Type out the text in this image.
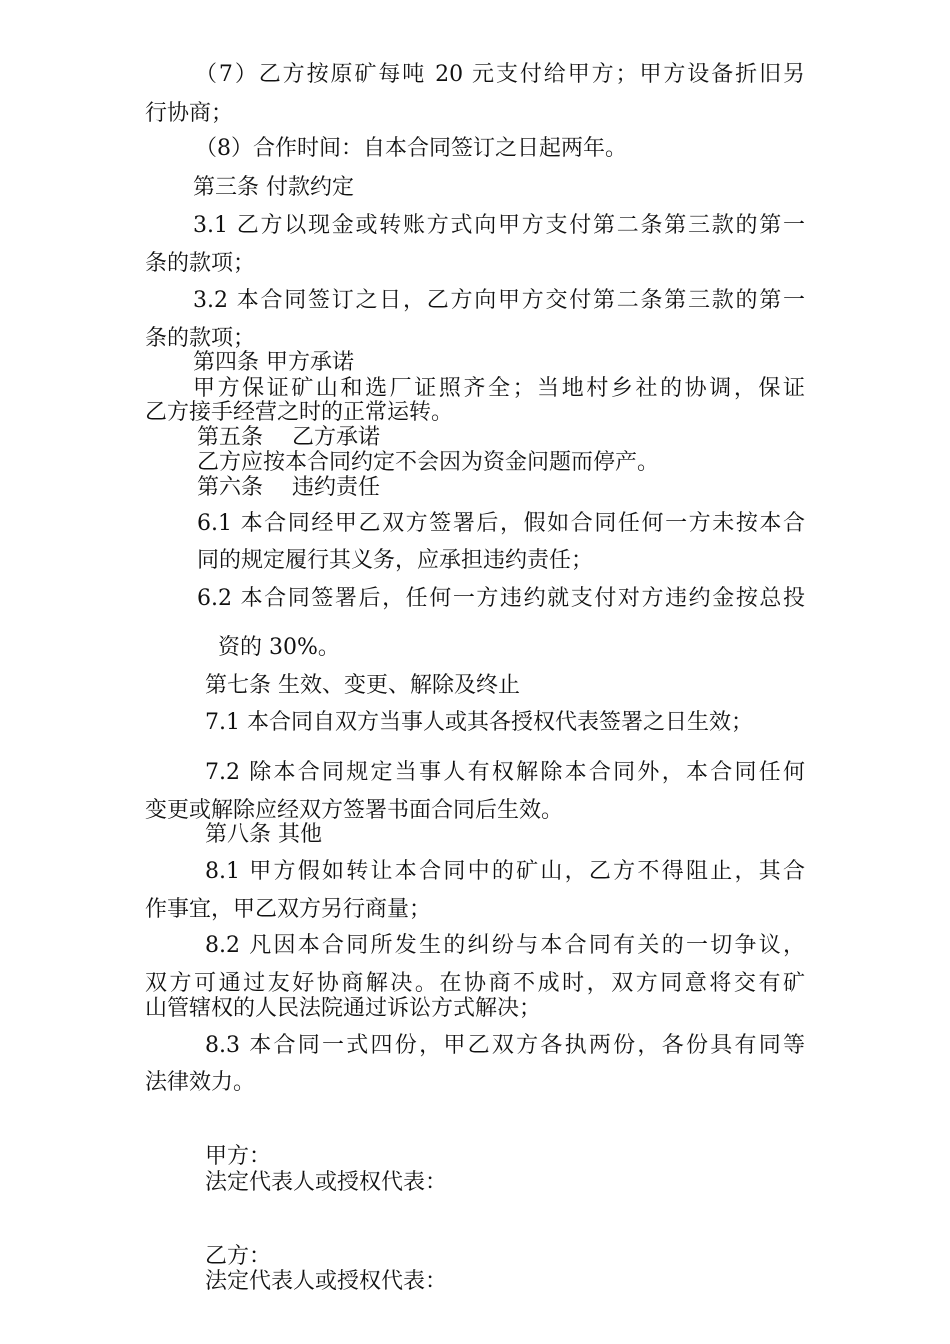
（7）乙方按原矿每吨 20 元支付给甲方；甲方设备折旧另

行协商；

（8）合作时间：自本合同签订之日起两年。

第三条 付款约定

3.1 乙方以现金或转账方式向甲方支付第二条第三款的第一

条的款项；

3.2 本合同签订之日，乙方向甲方交付第二条第三款的第一

条的款项；

第四条 甲方承诺

甲方保证矿山和选厂证照齐全；当地村乡社的协调，保证

乙方接手经营之时的正常运转。

第五条　 乙方承诺

乙方应按本合同约定不会因为资金问题而停产。

第六条　 违约责任

6.1 本合同经甲乙双方签署后，假如合同任何一方未按本合

同的规定履行其义务，应承担违约责任；

6.2 本合同签署后，任何一方违约就支付对方违约金按总投

资的 30%。

第七条 生效、变更、解除及终止

7.1 本合同自双方当事人或其各授权代表签署之日生效；

7.2 除本合同规定当事人有权解除本合同外，本合同任何

变更或解除应经双方签署书面合同后生效。

第八条 其他

8.1 甲方假如转让本合同中的矿山，乙方不得阻止，其合

作事宜，甲乙双方另行商量；

8.2 凡因本合同所发生的纠纷与本合同有关的一切争议，

双方可通过友好协商解决。在协商不成时，双方同意将交有矿

山管辖权的人民法院通过诉讼方式解决；

8.3 本合同一式四份，甲乙双方各执两份，各份具有同等

法律效力。

甲方：

法定代表人或授权代表：

乙方：

法定代表人或授权代表：
